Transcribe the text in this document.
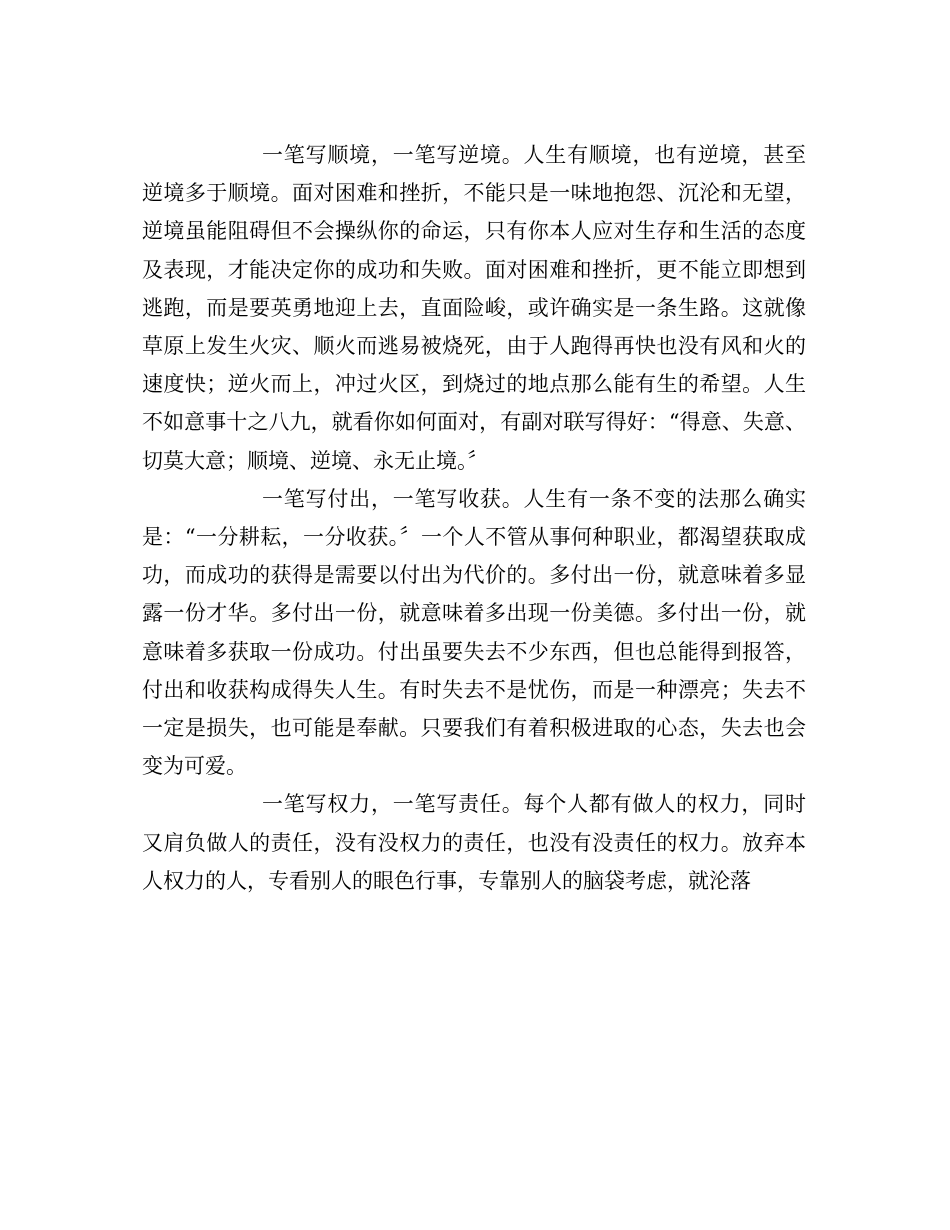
一笔写顺境，一笔写逆境。人生有顺境，也有逆境，甚至逆境多于顺境。面对困难和挫折，不能只是一味地抱怨、沉沦和无望，逆境虽能阻碍但不会操纵你的命运，只有你本人应对生存和生活的态度及表现，才能决定你的成功和失败。面对困难和挫折，更不能立即想到逃跑，而是要英勇地迎上去，直面险峻，或许确实是一条生路。这就像草原上发生火灾、顺火而逃易被烧死，由于人跑得再快也没有风和火的速度快；逆火而上，冲过火区，到烧过的地点那么能有生的希望。人生不如意事十之八九，就看你如何面对，有副对联写得好：“得意、失意、切莫大意；顺境、逆境、永无止境。〞

一笔写付出，一笔写收获。人生有一条不变的法那么确实是：“一分耕耘，一分收获。〞一个人不管从事何种职业，都渴望获取成功，而成功的获得是需要以付出为代价的。多付出一份，就意味着多显露一份才华。多付出一份，就意味着多出现一份美德。多付出一份，就意味着多获取一份成功。付出虽要失去不少东西，但也总能得到报答，付出和收获构成得失人生。有时失去不是忧伤，而是一种漂亮；失去不一定是损失，也可能是奉献。只要我们有着积极进取的心态，失去也会变为可爱。

一笔写权力，一笔写责任。每个人都有做人的权力，同时又肩负做人的责任，没有没权力的责任，也没有没责任的权力。放弃本人权力的人，专看别人的眼色行事，专靠别人的脑袋考虑，就沦落
